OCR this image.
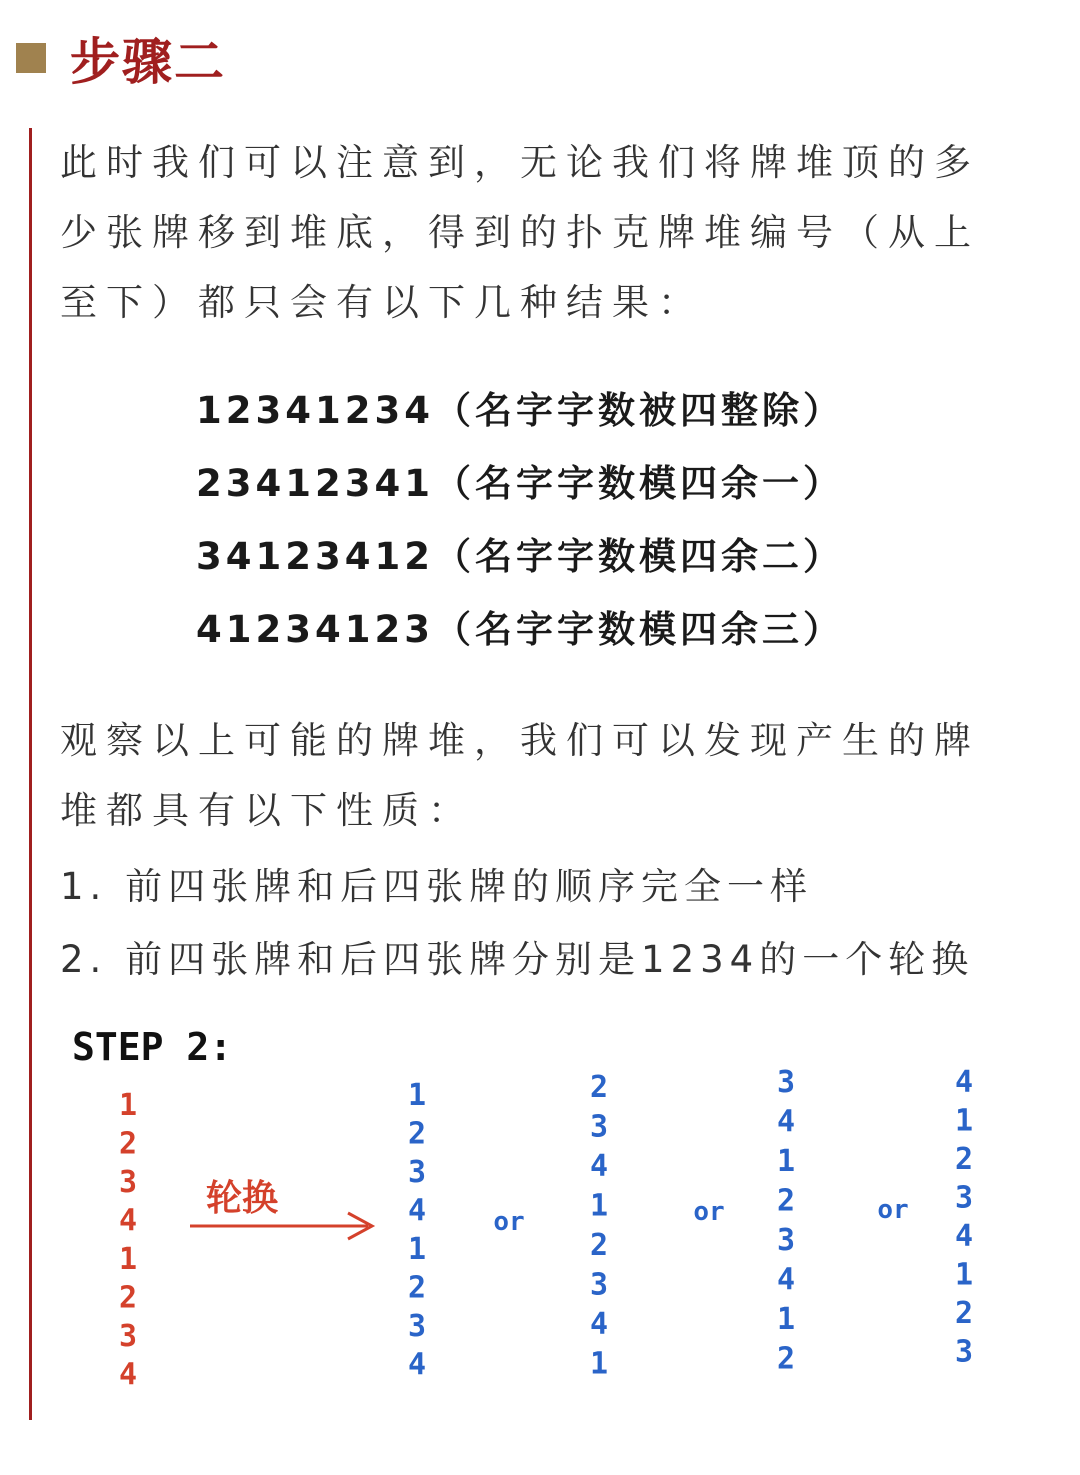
步骤二

此时我们可以注意到，无论我们将牌堆顶的多少张牌移到堆底，得到的扑克牌堆编号（从上至下）都只会有以下几种结果：

12341234（名字字数被四整除）
23412341（名字字数模四余一）
34123412（名字字数模四余二）
41234123（名字字数模四余三）

观察以上可能的牌堆，我们可以发现产生的牌堆都具有以下性质：

1. 前四张牌和后四张牌的顺序完全一样
2. 前四张牌和后四张牌分别是1234的一个轮换
STEP 2:
1
2
3
4
1
2
3
4
轮换
1
2
3
4
1
2
3
4
2
3
4
1
2
3
4
1
3
4
1
2
3
4
1
2
4
1
2
3
4
1
2
3
or	or	or
